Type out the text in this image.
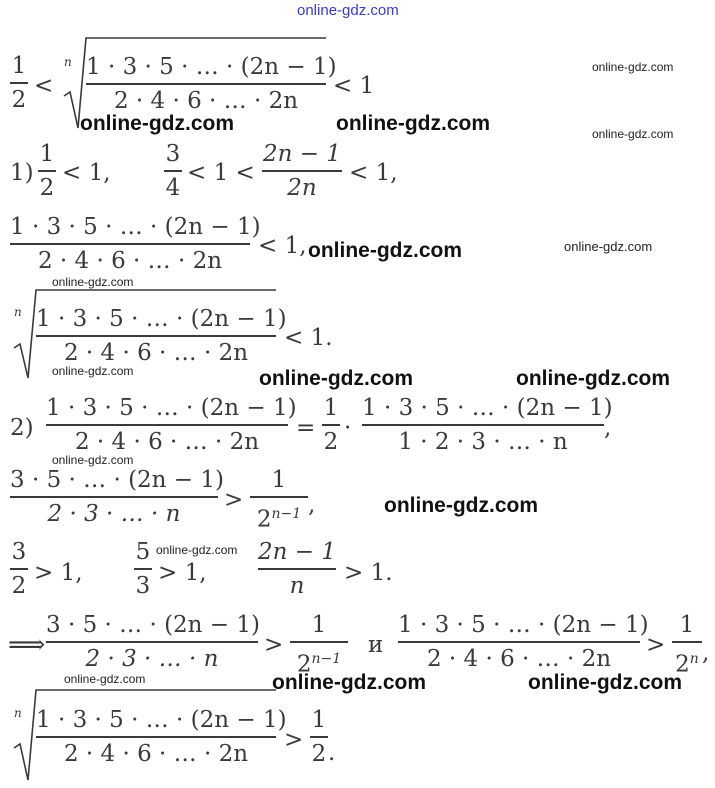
online-gdz.com
1
2
<
n 1 · 3 · 5 · … · (2n − 1)
2 · 4 · 6 · … · 2n
< 1
1)
1
2
< 1,
3
4
< 1 <
2n − 1
2n
< 1,
1 · 3 · 5 · … · (2n − 1)
2 · 4 · 6 · … · 2n
< 1,
n 1 · 3 · 5 · … · (2n − 1)
2 · 4 · 6 · … · 2n
< 1.
2)
1 · 3 · 5 · … · (2n − 1)
2 · 4 · 6 · … · 2n
=
1
2
·
1 · 3 · 5 · … · (2n − 1)
1 · 2 · 3 · … · n
,
3 · 5 · … · (2n − 1)
2 · 3 · … · n
>
1
$2^{n-1}$ ,
3
2 > 1,
5
3 > 1,
2n − 1
n	> 1.
⟹
3 · 5 · … · (2n − 1)
2 · 3 · … · n
>
1
$2^{n-1}$
и
1 · 3 · 5 · … · (2n − 1)
2 · 4 · 6 · … · 2n
>
1
2$^n$ ,
n 1 · 3 · 5 · … · (2n − 1)
2 · 4 · 6 · … · 2n
>
1
2 .
online-gdz.com
online-gdz.com	online-gdz.com	online-gdz.com
online-gdz.com	online-gdz.com
online-gdz.com
online-gdz.com	online-gdz.com	online-gdz.com
online-gdz.com
online-gdz.com
online-gdz.com
online-gdz.com	online-gdz.com	online-gdz.com
